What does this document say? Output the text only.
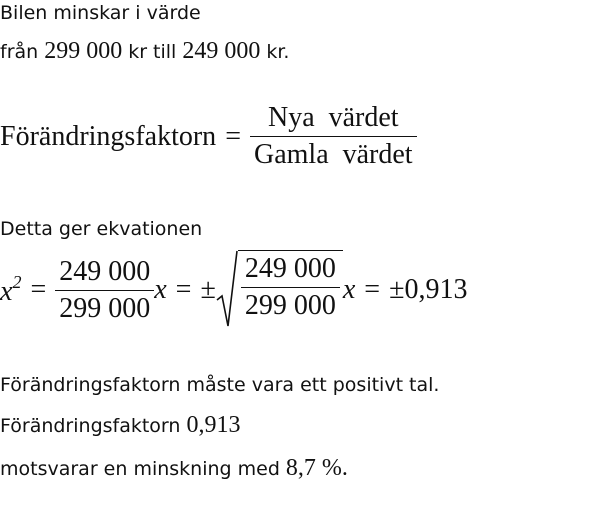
Bilen minskar i värde
från 299 000 kr till 249 000 kr.
Förändringsfaktorn = $\frac{\text{Nya  värdet}}{\text{Gamla  värdet}}$
Detta ger ekvationen
$x^2 = \frac{249 000}{299 000}$ x = ± $\frac{249 000}{299 000}$ x = ±0,913
Förändringsfaktorn måste vara ett positivt tal.
Förändringsfaktorn 0,913
motsvarar en minskning med 8,7 %.
